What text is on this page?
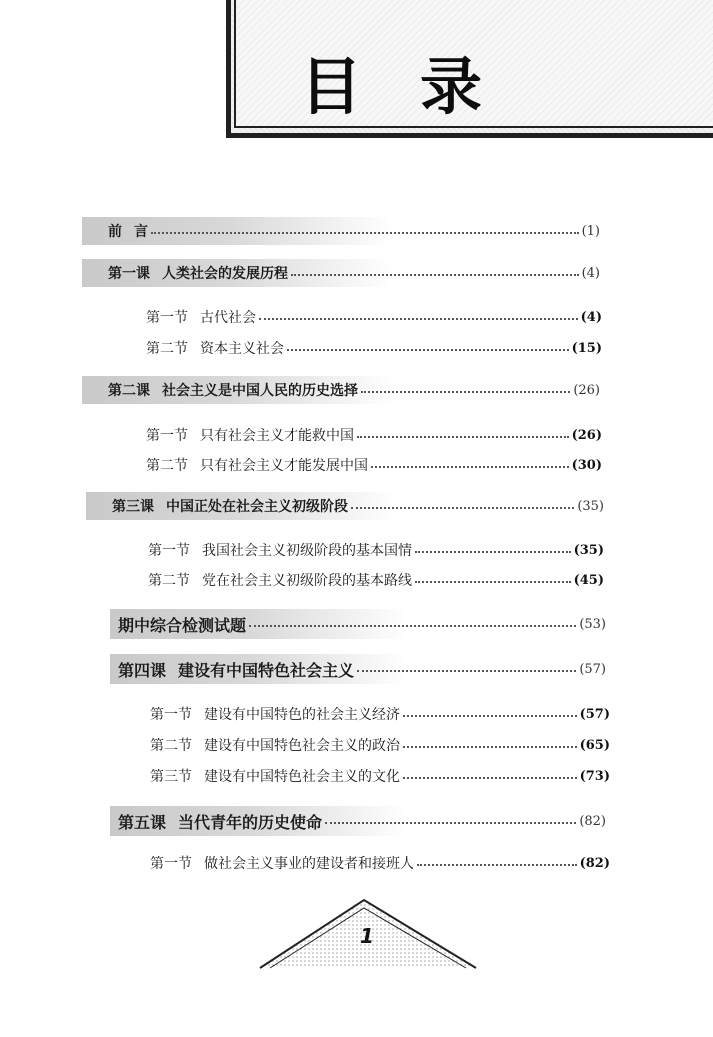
目 录
前 言	(1)
第一课 人类社会的发展历程	(4)
第一节 古代社会	(4)
第二节 资本主义社会	(15)
第二课 社会主义是中国人民的历史选择	(26)
第一节 只有社会主义才能救中国	(26)
第二节 只有社会主义才能发展中国	(30)
第三课 中国正处在社会主义初级阶段	(35)
第一节 我国社会主义初级阶段的基本国情	(35)
第二节 党在社会主义初级阶段的基本路线	(45)
期中综合检测试题	(53)
第四课 建设有中国特色社会主义	(57)
第一节 建设有中国特色的社会主义经济	(57)
第二节 建设有中国特色社会主义的政治	(65)
第三节 建设有中国特色社会主义的文化	(73)
第五课 当代青年的历史使命	(82)
第一节 做社会主义事业的建设者和接班人	(82)
1
